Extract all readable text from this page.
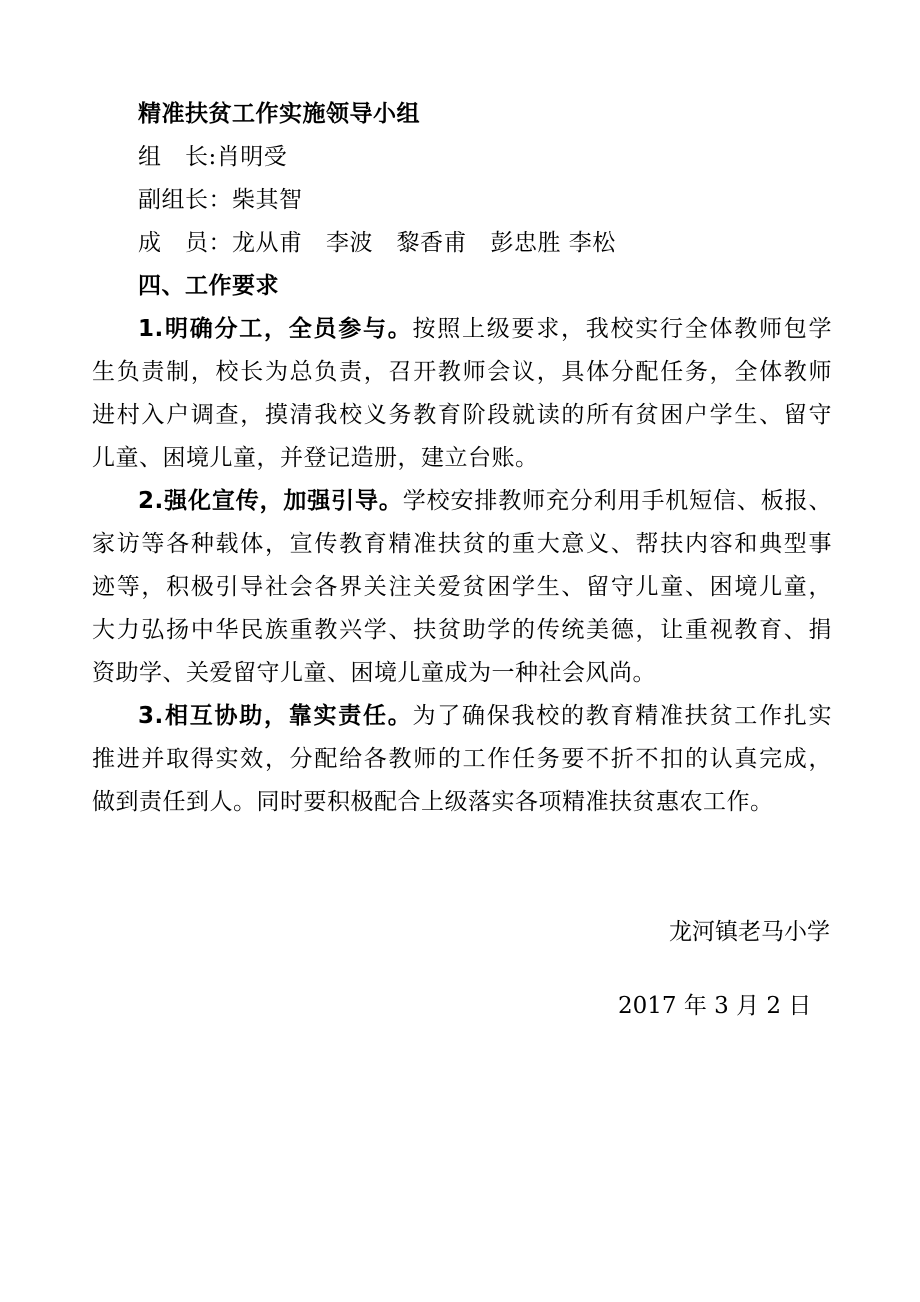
精准扶贫工作实施领导小组
组　长:肖明受
副组长：柴其智
成　员：龙从甫　李波　黎香甫　彭忠胜 李松
四、工作要求
1.明确分工，全员参与。按照上级要求，我校实行全体教师包学
生负责制，校长为总负责，召开教师会议，具体分配任务，全体教师
进村入户调查，摸清我校义务教育阶段就读的所有贫困户学生、留守
儿童、困境儿童，并登记造册，建立台账。
2.强化宣传，加强引导。学校安排教师充分利用手机短信、板报、
家访等各种载体，宣传教育精准扶贫的重大意义、帮扶内容和典型事
迹等，积极引导社会各界关注关爱贫困学生、留守儿童、困境儿童，
大力弘扬中华民族重教兴学、扶贫助学的传统美德，让重视教育、捐
资助学、关爱留守儿童、困境儿童成为一种社会风尚。
3.相互协助，靠实责任。为了确保我校的教育精准扶贫工作扎实
推进并取得实效，分配给各教师的工作任务要不折不扣的认真完成，
做到责任到人。同时要积极配合上级落实各项精准扶贫惠农工作。
龙河镇老马小学
2017 年 3 月 2 日
